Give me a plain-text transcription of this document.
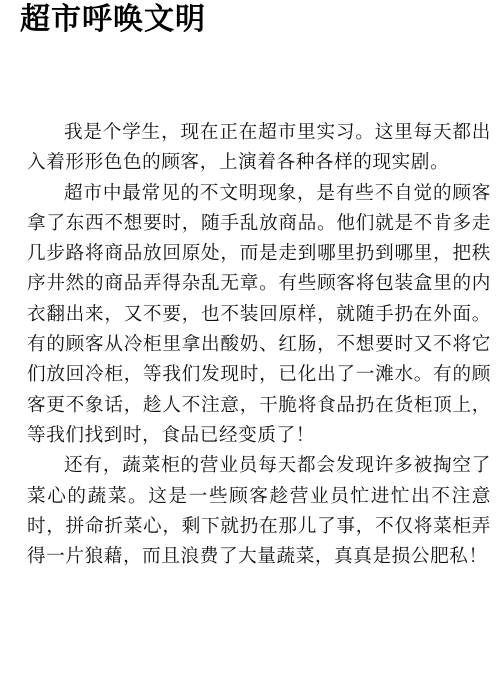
超市呼唤文明

我是个学生，现在正在超市里实习。这里每天都出入着形形色色的顾客，上演着各种各样的现实剧。

超市中最常见的不文明现象，是有些不自觉的顾客拿了东西不想要时，随手乱放商品。他们就是不肯多走几步路将商品放回原处，而是走到哪里扔到哪里，把秩序井然的商品弄得杂乱无章。有些顾客将包装盒里的内衣翻出来，又不要，也不装回原样，就随手扔在外面。有的顾客从冷柜里拿出酸奶、红肠，不想要时又不将它们放回冷柜，等我们发现时，已化出了一滩水。有的顾客更不象话，趁人不注意，干脆将食品扔在货柜顶上，等我们找到时，食品已经变质了！

还有，蔬菜柜的营业员每天都会发现许多被掏空了菜心的蔬菜。这是一些顾客趁营业员忙进忙出不注意时，拼命折菜心，剩下就扔在那儿了事，不仅将菜柜弄得一片狼藉，而且浪费了大量蔬菜，真真是损公肥私！
